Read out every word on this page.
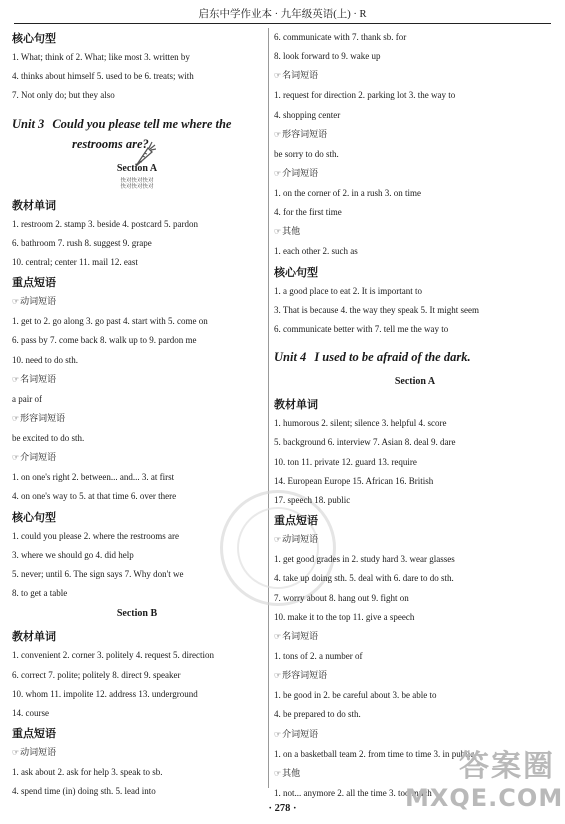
启东中学作业本 · 九年级英语(上) · R
核心句型
1. What; think of 2. What; like most 3. written by
4. thinks about himself 5. used to be 6. treats; with
7. Not only do; but they also
Unit 3 Could you please tell me where the
restrooms are?
Section A
快对快对快对
快对快对快对
教材单词
1. restroom 2. stamp 3. beside 4. postcard 5. pardon
6. bathroom 7. rush 8. suggest 9. grape
10. central; center 11. mail 12. east
重点短语
☞ 动词短语
1. get to 2. go along 3. go past 4. start with 5. come on
6. pass by 7. come back 8. walk up to 9. pardon me
10. need to do sth.
☞ 名词短语
a pair of
☞ 形容词短语
be excited to do sth.
☞ 介词短语
1. on one's right 2. between... and... 3. at first
4. on one's way to 5. at that time 6. over there
核心句型
1. could you please 2. where the restrooms are
3. where we should go 4. did help
5. never; until 6. The sign says 7. Why don't we
8. to get a table
Section B
教材单词
1. convenient 2. corner 3. politely 4. request 5. direction
6. correct 7. polite; politely 8. direct 9. speaker
10. whom 11. impolite 12. address 13. underground
14. course
重点短语
☞ 动词短语
1. ask about 2. ask for help 3. speak to sb.
4. spend time (in) doing sth. 5. lead into
6. communicate with 7. thank sb. for
8. look forward to 9. wake up
☞ 名词短语
1. request for direction 2. parking lot 3. the way to
4. shopping center
☞ 形容词短语
be sorry to do sth.
☞ 介词短语
1. on the corner of 2. in a rush 3. on time
4. for the first time
☞ 其他
1. each other 2. such as
核心句型
1. a good place to eat 2. It is important to
3. That is because 4. the way they speak 5. It might seem
6. communicate better with 7. tell me the way to
Unit 4 I used to be afraid of the dark.
Section A
教材单词
1. humorous 2. silent; silence 3. helpful 4. score
5. background 6. interview 7. Asian 8. deal 9. dare
10. ton 11. private 12. guard 13. require
14. European Europe 15. African 16. British
17. speech 18. public
重点短语
☞ 动词短语
1. get good grades in 2. study hard 3. wear glasses
4. take up doing sth. 5. deal with 6. dare to do sth.
7. worry about 8. hang out 9. fight on
10. make it to the top 11. give a speech
☞ 名词短语
1. tons of 2. a number of
☞ 形容词短语
1. be good in 2. be careful about 3. be able to
4. be prepared to do sth.
☞ 介词短语
1. on a basketball team 2. from time to time 3. in public
☞ 其他
1. not... anymore 2. all the time 3. too much
· 278 ·
答案圈
MXQE.COM
